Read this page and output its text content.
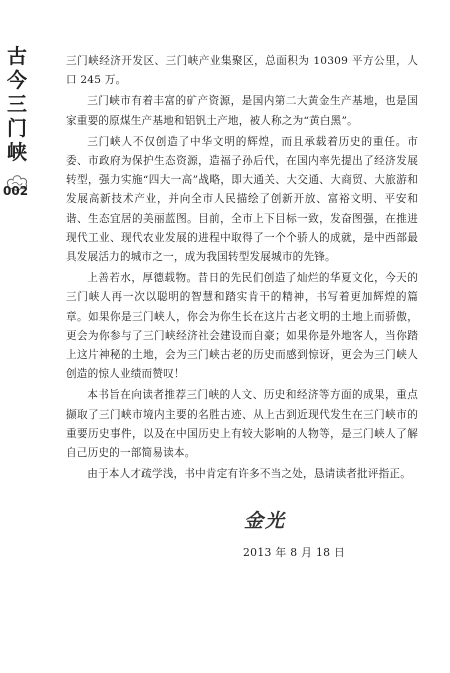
古
今
三
门
峡
002

三门峡经济开发区、三门峡产业集聚区，总面积为 10309 平方公里，人口 245 万。

三门峡市有着丰富的矿产资源，是国内第二大黄金生产基地，也是国家重要的原煤生产基地和铝钒土产地，被人称之为“黄白黑”。

三门峡人不仅创造了中华文明的辉煌，而且承载着历史的重任。市委、市政府为保护生态资源，造福子孙后代，在国内率先提出了经济发展转型，强力实施“四大一高”战略，即大通关、大交通、大商贸、大旅游和发展高新技术产业，并向全市人民描绘了创新开放、富裕文明、平安和谐、生态宜居的美丽蓝图。目前，全市上下目标一致，发奋图强，在推进现代工业、现代农业发展的进程中取得了一个个骄人的成就，是中西部最具发展活力的城市之一，成为我国转型发展城市的先锋。

上善若水，厚德载物。昔日的先民们创造了灿烂的华夏文化，今天的三门峡人再一次以聪明的智慧和踏实肯干的精神，书写着更加辉煌的篇章。如果你是三门峡人，你会为你生长在这片古老文明的土地上而骄傲，更会为你参与了三门峡经济社会建设而自豪；如果你是外地客人，当你踏上这片神秘的土地，会为三门峡古老的历史而感到惊讶，更会为三门峡人创造的惊人业绩而赞叹！

本书旨在向读者推荐三门峡的人文、历史和经济等方面的成果，重点撷取了三门峡市境内主要的名胜古迹、从上古到近现代发生在三门峡市的重要历史事件，以及在中国历史上有较大影响的人物等，是三门峡人了解自己历史的一部简易读本。

由于本人才疏学浅，书中肯定有许多不当之处，恳请读者批评指正。

金光
2013 年 8 月 18 日
